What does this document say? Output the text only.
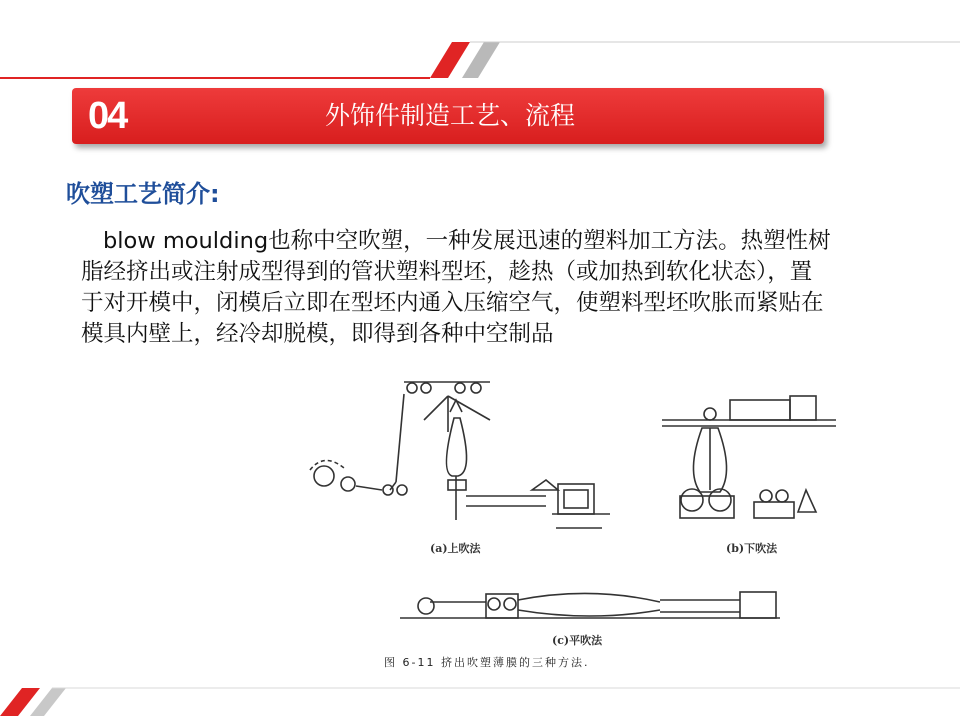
04	外饰件制造工艺、流程
吹塑工艺简介:

blow moulding也称中空吹塑，一种发展迅速的塑料加工方法。热塑性树脂经挤出或注射成型得到的管状塑料型坯，趁热（或加热到软化状态），置于对开模中，闭模后立即在型坯内通入压缩空气，使塑料型坯吹胀而紧贴在模具内壁上，经冷却脱模，即得到各种中空制品

(a)上吹法	(b)下吹法
(c)平吹法
图 6-11 挤出吹塑薄膜的三种方法.
